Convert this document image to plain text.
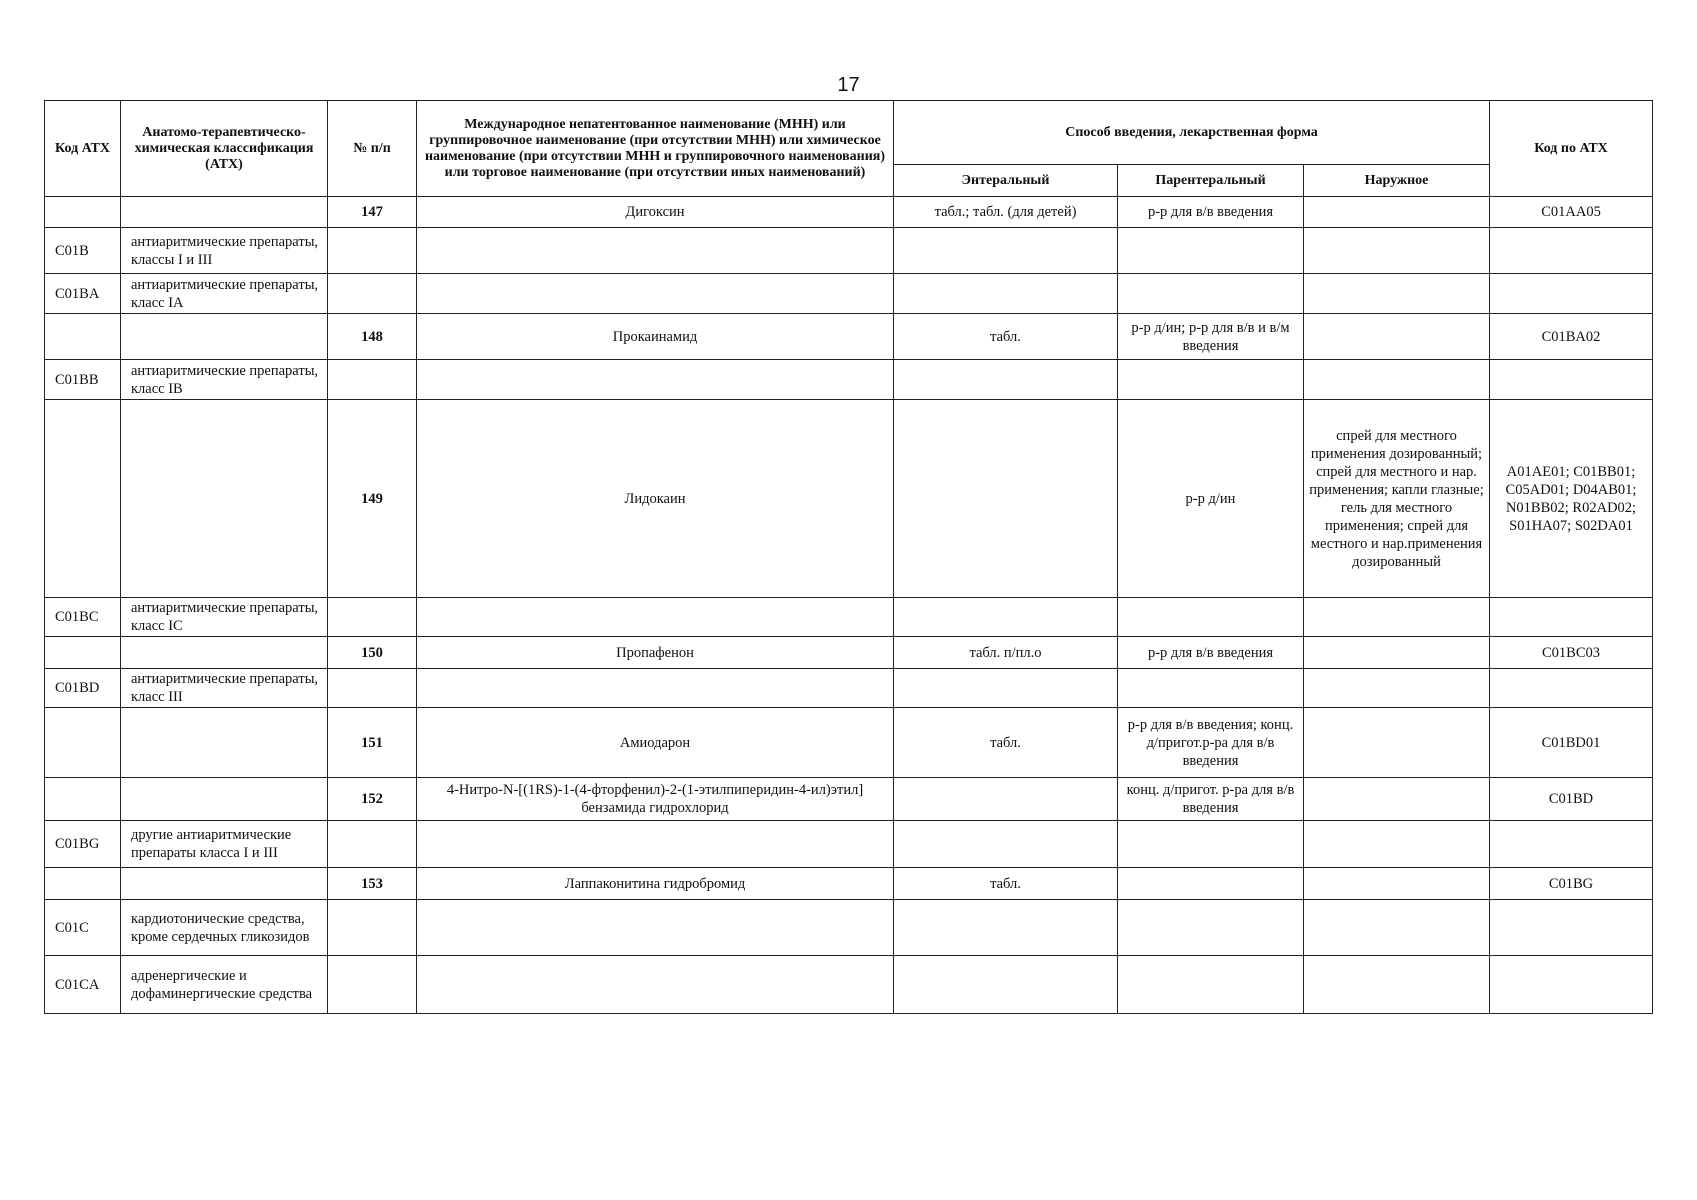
17
Код АТХ	Анатомо-терапевтическо-химическая классификация (АТХ)	№ п/п	Международное непатентованное наименование (МНН) или группировочное наименование (при отсутствии МНН) или химическое наименование (при отсутствии МНН и группировочного наименования) или торговое наименование (при отсутствии иных наименований)	Способ введения, лекарственная форма			Код по АТХ
				Энтеральный	Парентеральный	Наружное	
		147	Дигоксин	табл.; табл. (для детей)	р-р для в/в введения		C01AA05
C01B	антиаритмические препараты, классы I и III						
C01BA	антиаритмические препараты, класс IA						
		148	Прокаинамид	табл.	р-р д/ин; р-р для в/в и в/м введения		C01BA02
C01BB	антиаритмические препараты, класс IB						
		149	Лидокаин		р-р д/ин	спрей для местного применения дозированный; спрей для местного и нар. применения; капли глазные; гель для местного применения; спрей для местного и нар.применения дозированный	A01AE01; C01BB01; C05AD01; D04AB01; N01BB02; R02AD02; S01HA07; S02DA01
C01BC	антиаритмические препараты, класс IC						
		150	Пропафенон	табл. п/пл.о	р-р для в/в введения		C01BC03
C01BD	антиаритмические препараты, класс III						
		151	Амиодарон	табл.	р-р для в/в введения; конц. д/пригот.р-ра для в/в введения		C01BD01
		152	4-Нитро-N-[(1RS)-1-(4-фторфенил)-2-(1-этилпиперидин-4-ил)этил] бензамида гидрохлорид		конц. д/пригот. р-ра для в/в введения		C01BD
C01BG	другие антиаритмические препараты класса I и III						
		153	Лаппаконитина гидробромид	табл.			C01BG
C01C	кардиотонические средства, кроме сердечных гликозидов						
C01CA	адренергические и дофаминергические средства						
